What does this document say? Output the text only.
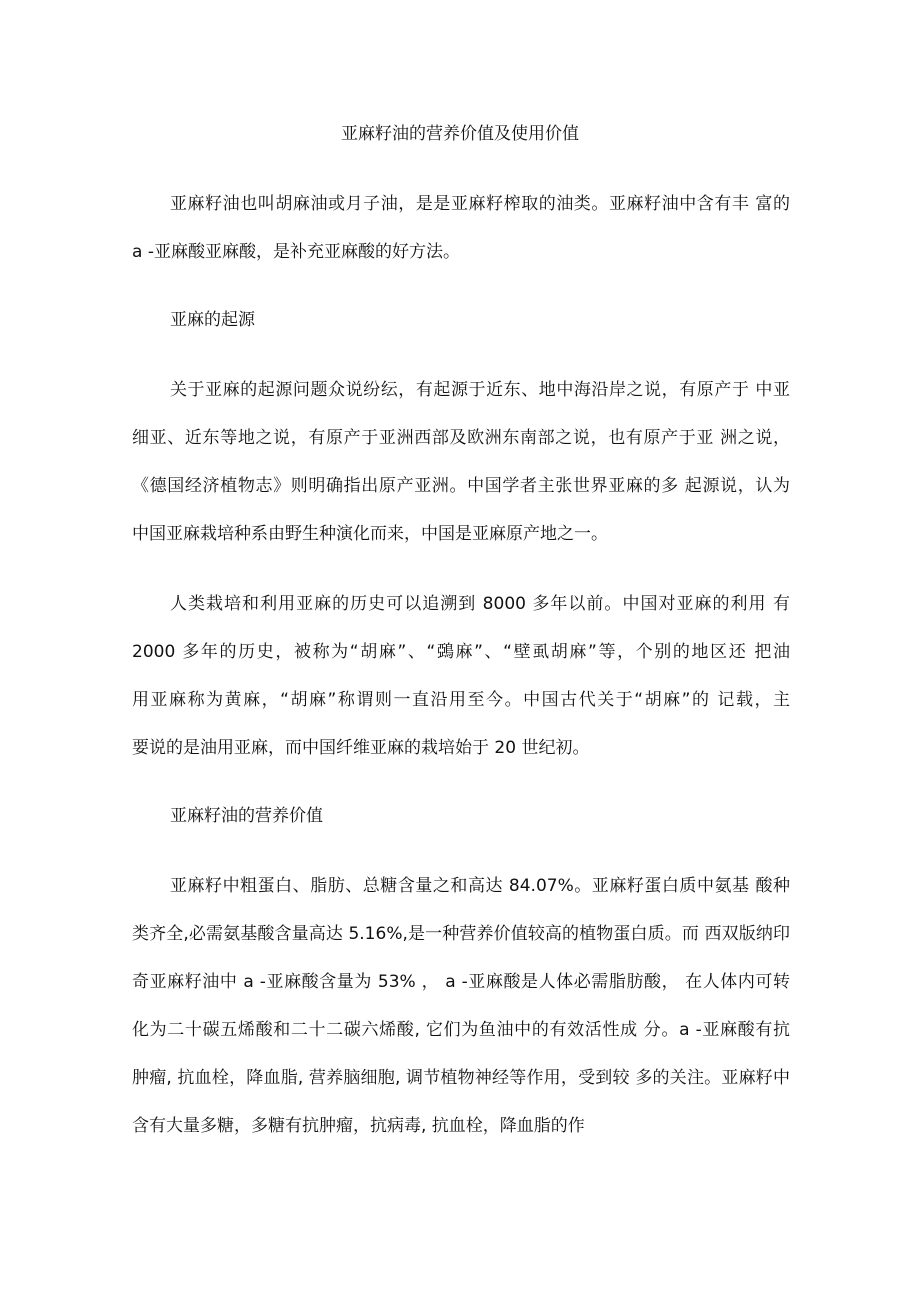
亚麻籽油的营养价值及使用价值
亚麻籽油也叫胡麻油或月子油，是是亚麻籽榨取的油类。亚麻籽油中含有丰 富的
a -亚麻酸亚麻酸，是补充亚麻酸的好方法。
亚麻的起源
关于亚麻的起源问题众说纷纭，有起源于近东、地中海沿岸之说，有原产于 中亚
细亚、近东等地之说，有原产于亚洲西部及欧洲东南部之说，也有原产于亚 洲之说，
《德国经济植物志》则明确指出原产亚洲。中国学者主张世界亚麻的多 起源说，认为
中国亚麻栽培种系由野生种演化而来，中国是亚麻原产地之一。
人类栽培和利用亚麻的历史可以追溯到 8000 多年以前。中国对亚麻的利用 有
2000 多年的历史，被称为“胡麻”、“鵶麻”、“壁虱胡麻”等，个别的地区还 把油
用亚麻称为黄麻，“胡麻”称谓则一直沿用至今。中国古代关于“胡麻”的 记载，主
要说的是油用亚麻，而中国纤维亚麻的栽培始于 20 世纪初。
亚麻籽油的营养价值
亚麻籽中粗蛋白、脂肪、总糖含量之和高达 84.07%。亚麻籽蛋白质中氨基 酸种
类齐全,必需氨基酸含量高达 5.16%,是一种营养价值较高的植物蛋白质。而 西双版纳印
奇亚麻籽油中 a -亚麻酸含量为 53% ， a -亚麻酸是人体必需脂肪酸， 在人体内可转
化为二十碳五烯酸和二十二碳六烯酸, 它们为鱼油中的有效活性成 分。a -亚麻酸有抗
肿瘤, 抗血栓，降血脂, 营养脑细胞, 调节植物神经等作用，受到较 多的关注。亚麻籽中
含有大量多糖，多糖有抗肿瘤，抗病毒, 抗血栓，降血脂的作
